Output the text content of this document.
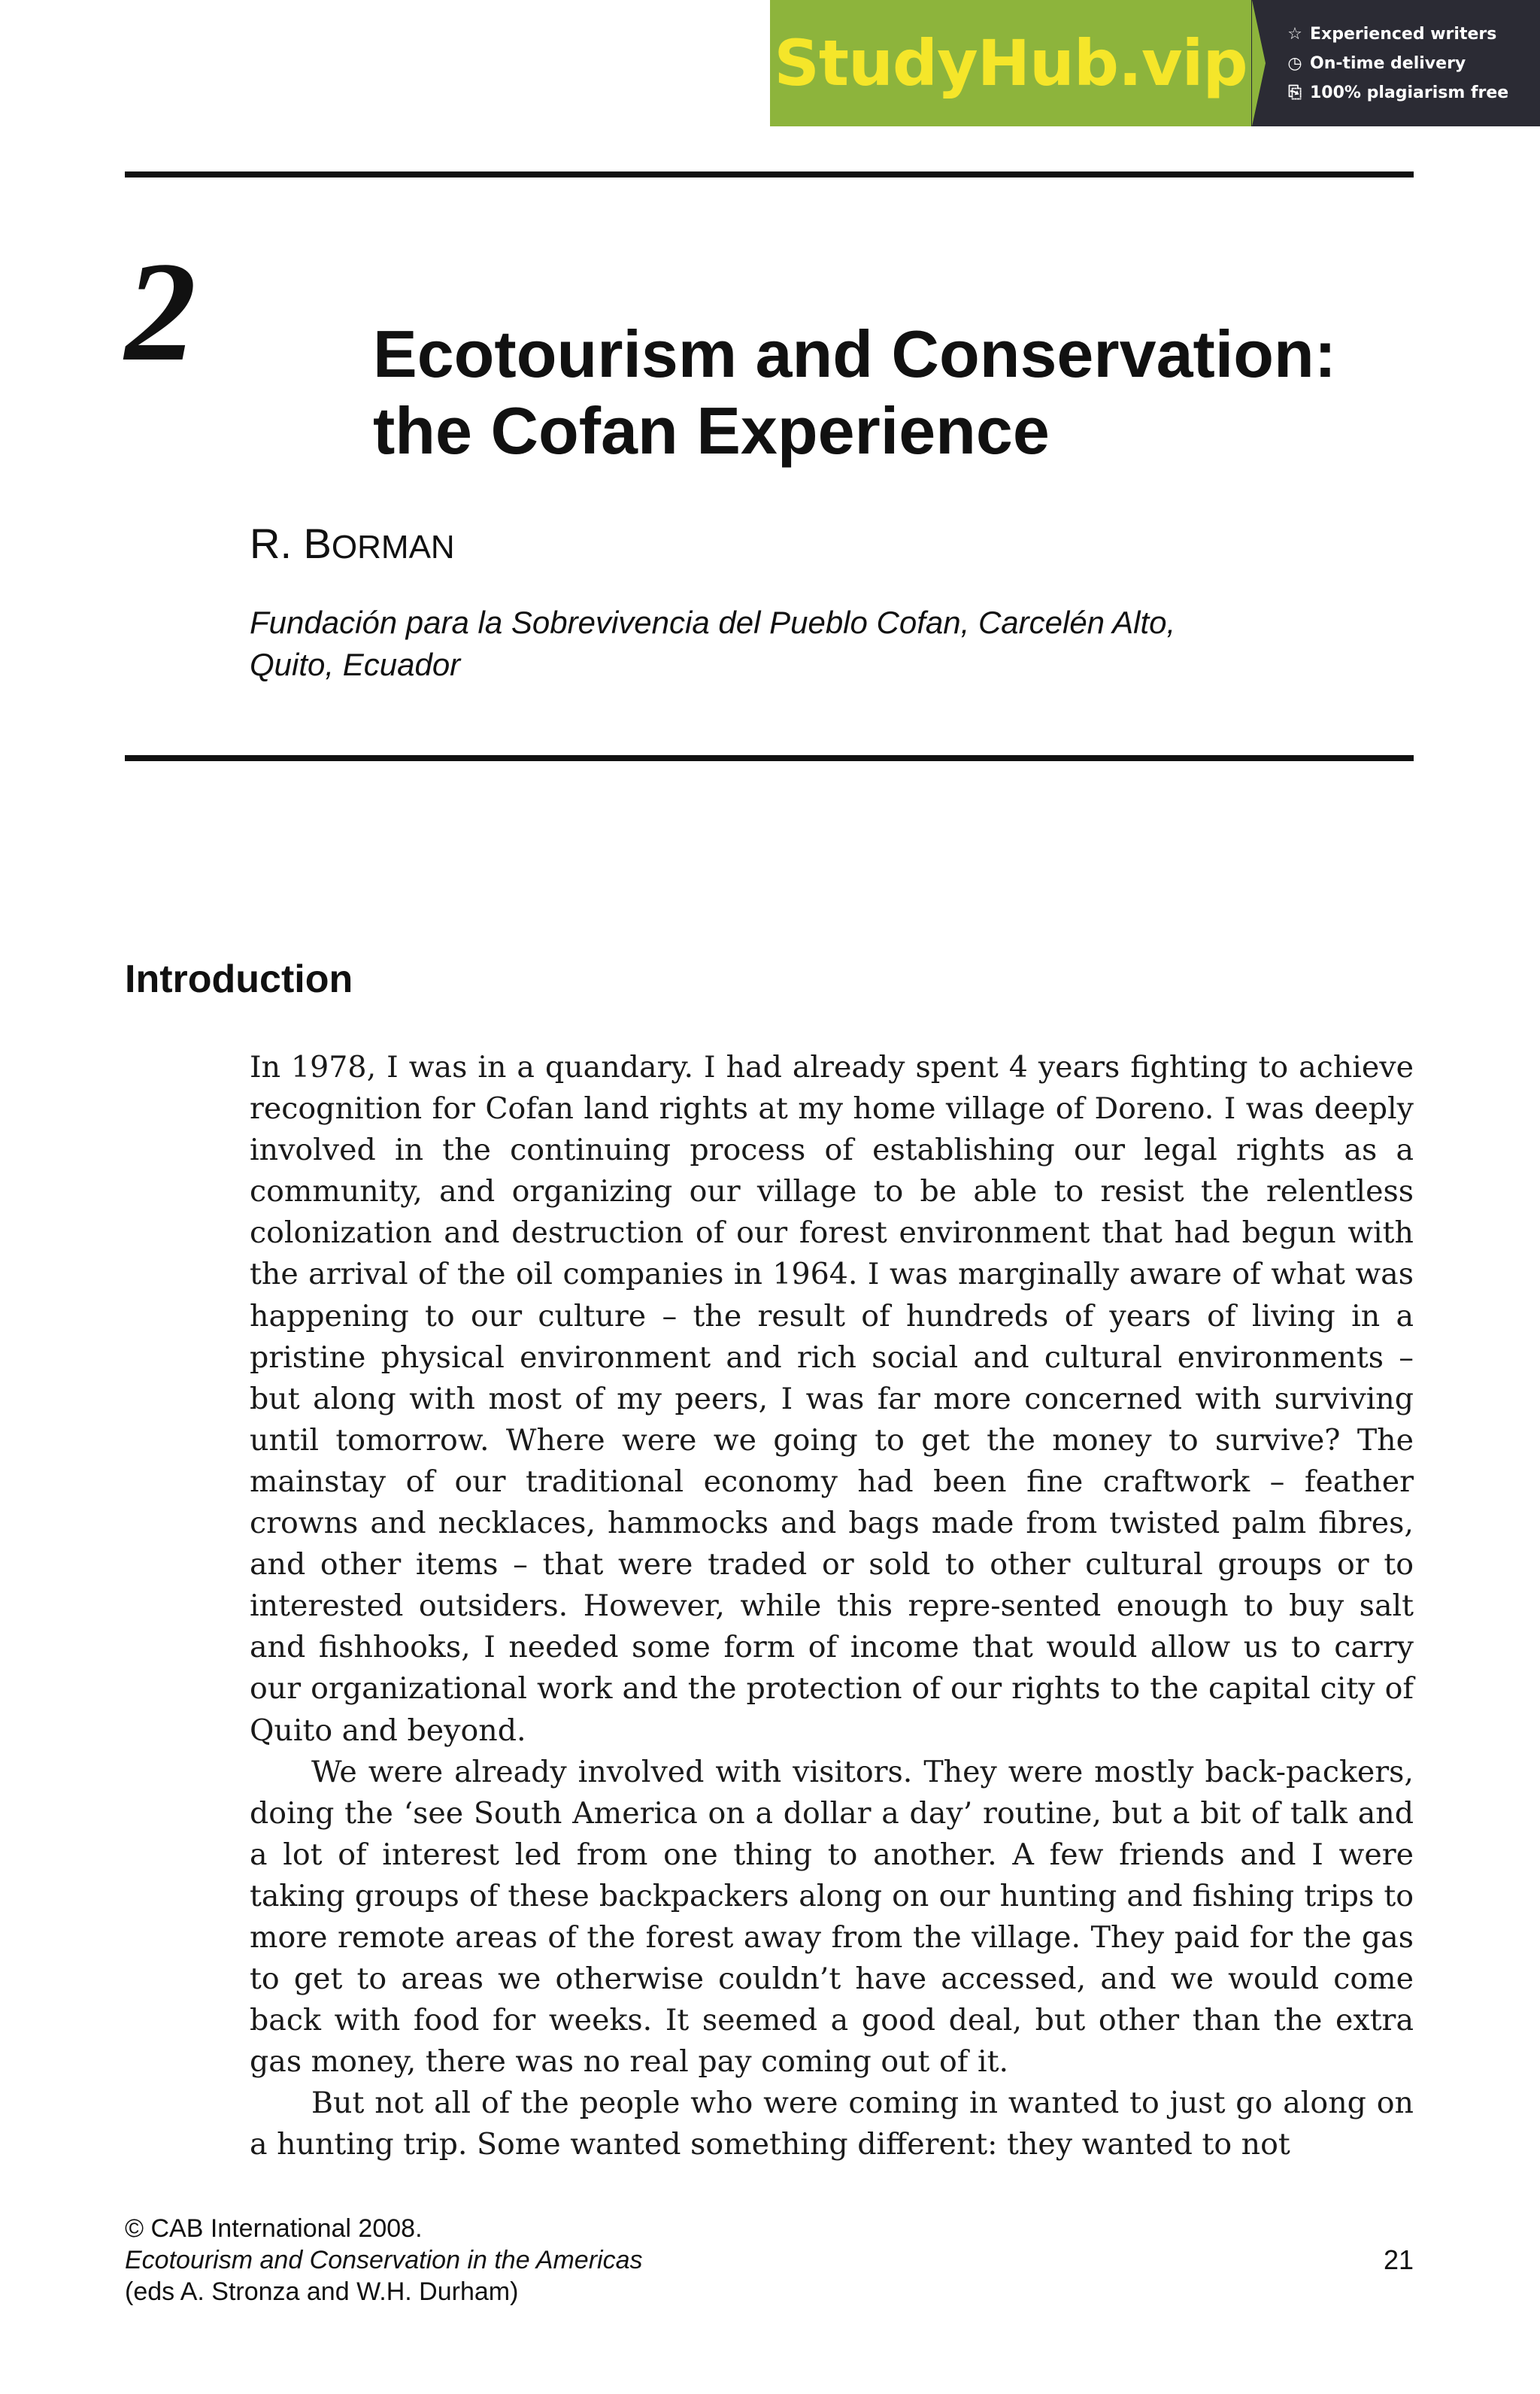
StudyHub.vip ☆ Experienced writers
◷ On-time delivery
⎘ 100% plagiarism free
2	Ecotourism and Conservation:
the Cofan Experience
R. BORMAN
Fundación para la Sobrevivencia del Pueblo Cofan, Carcelén Alto,
Quito, Ecuador
Introduction

In 1978, I was in a quandary. I had already spent 4 years fighting to achieve recognition for Cofan land rights at my home village of Doreno. I was deeply involved in the continuing process of establishing our legal rights as a community, and organizing our village to be able to resist the relentless colonization and destruction of our forest environment that had begun with the arrival of the oil companies in 1964. I was marginally aware of what was happening to our culture – the result of hundreds of years of living in a pristine physical environment and rich social and cultural environments – but along with most of my peers, I was far more concerned with surviving until tomorrow. Where were we going to get the money to survive? The mainstay of our traditional economy had been fine craftwork – feather crowns and necklaces, hammocks and bags made from twisted palm fibres, and other items – that were traded or sold to other cultural groups or to interested outsiders. However, while this repre-sented enough to buy salt and fishhooks, I needed some form of income that would allow us to carry our organizational work and the protection of our rights to the capital city of Quito and beyond.

We were already involved with visitors. They were mostly back-packers, doing the ‘see South America on a dollar a day’ routine, but a bit of talk and a lot of interest led from one thing to another. A few friends and I were taking groups of these backpackers along on our hunting and fishing trips to more remote areas of the forest away from the village. They paid for the gas to get to areas we otherwise couldn’t have accessed, and we would come back with food for weeks. It seemed a good deal, but other than the extra gas money, there was no real pay coming out of it.

But not all of the people who were coming in wanted to just go along on a hunting trip. Some wanted something different: they wanted to not

© CAB International 2008.
Ecotourism and Conservation in the Americas
(eds A. Stronza and W.H. Durham)
21
